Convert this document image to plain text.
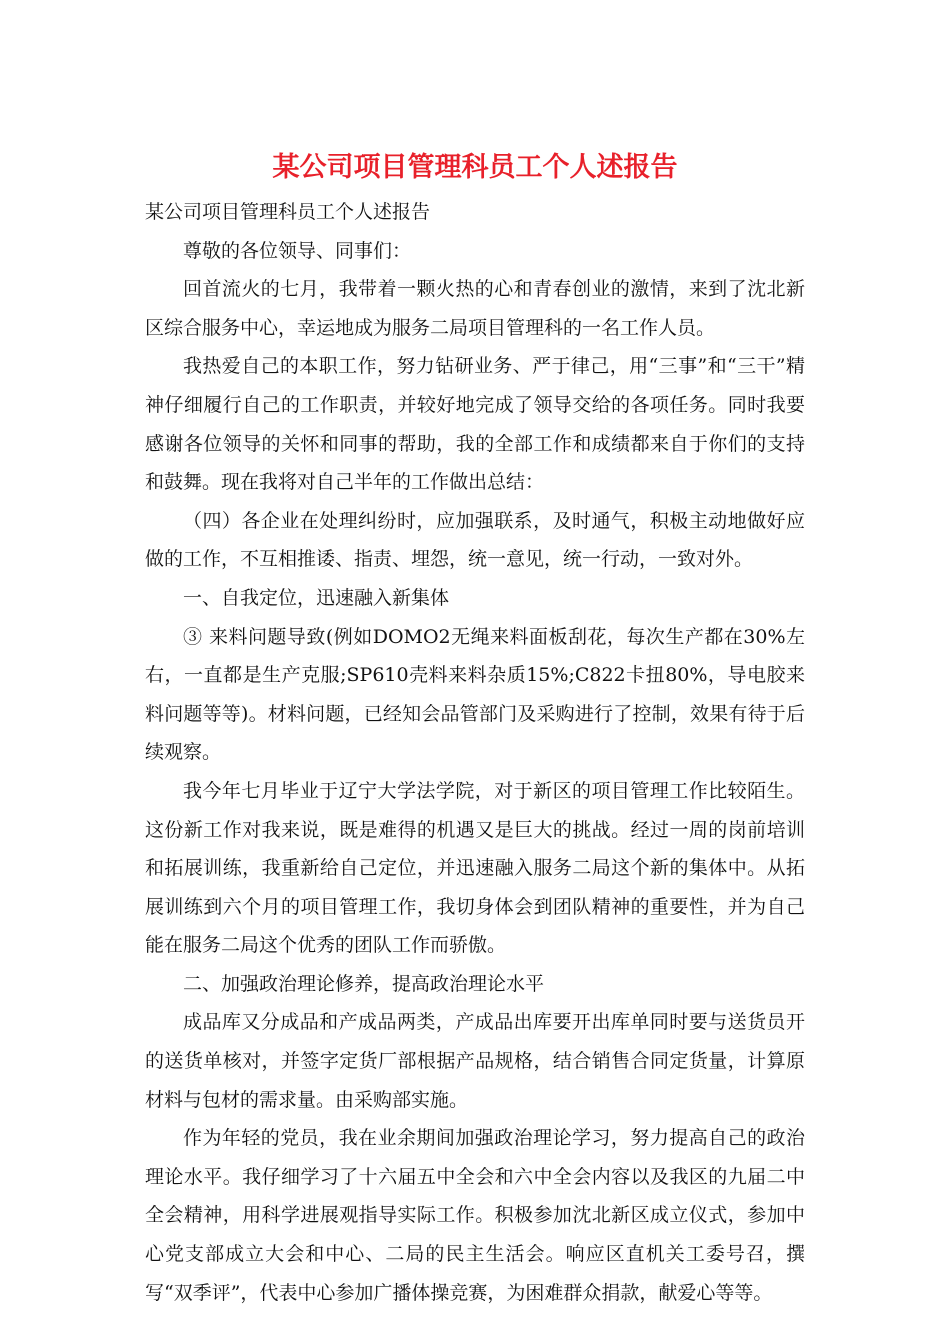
某公司项目管理科员工个人述报告

某公司项目管理科员工个人述报告

尊敬的各位领导、同事们：

回首流火的七月，我带着一颗火热的心和青春创业的激情，来到了沈北新区综合服务中心，幸运地成为服务二局项目管理科的一名工作人员。

我热爱自己的本职工作，努力钻研业务、严于律己，用“三事”和“三干”精神仔细履行自己的工作职责，并较好地完成了领导交给的各项任务。同时我要感谢各位领导的关怀和同事的帮助，我的全部工作和成绩都来自于你们的支持和鼓舞。现在我将对自己半年的工作做出总结：

（四）各企业在处理纠纷时，应加强联系，及时通气，积极主动地做好应做的工作，不互相推诿、指责、埋怨，统一意见，统一行动，一致对外。

一、自我定位，迅速融入新集体

③ 来料问题导致(例如DOMO2无绳来料面板刮花，每次生产都在30%左右，一直都是生产克服;SP610壳料来料杂质15%;C822卡扭80%，导电胶来料问题等等)。材料问题，已经知会品管部门及采购进行了控制，效果有待于后续观察。

我今年七月毕业于辽宁大学法学院，对于新区的项目管理工作比较陌生。这份新工作对我来说，既是难得的机遇又是巨大的挑战。经过一周的岗前培训和拓展训练，我重新给自己定位，并迅速融入服务二局这个新的集体中。从拓展训练到六个月的项目管理工作，我切身体会到团队精神的重要性，并为自己能在服务二局这个优秀的团队工作而骄傲。

二、加强政治理论修养，提高政治理论水平

成品库又分成品和产成品两类，产成品出库要开出库单同时要与送货员开的送货单核对，并签字定货厂部根据产品规格，结合销售合同定货量，计算原材料与包材的需求量。由采购部实施。

作为年轻的党员，我在业余期间加强政治理论学习，努力提高自己的政治理论水平。我仔细学习了十六届五中全会和六中全会内容以及我区的九届二中全会精神，用科学进展观指导实际工作。积极参加沈北新区成立仪式，参加中心党支部成立大会和中心、二局的民主生活会。响应区直机关工委号召，撰写“双季评”，代表中心参加广播体操竞赛，为困难群众捐款，献爱心等等。
